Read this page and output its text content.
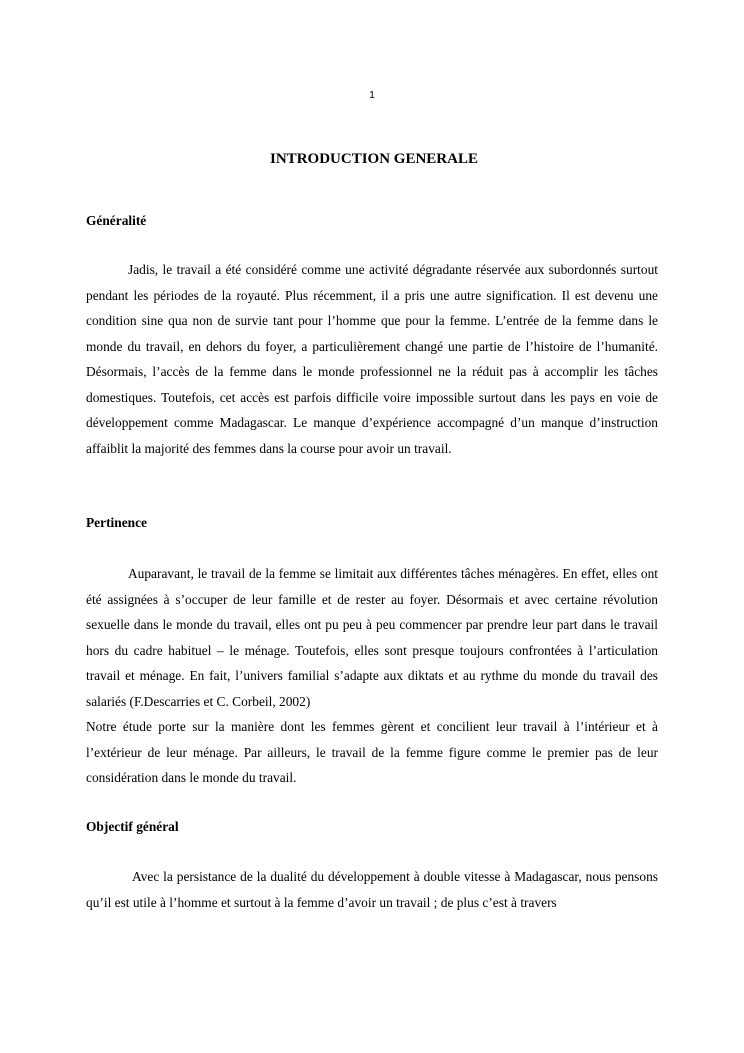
1
INTRODUCTION GENERALE
Généralité

Jadis, le travail a été considéré comme une activité dégradante réservée aux subordonnés surtout pendant les périodes de la royauté. Plus récemment, il a pris une autre signification. Il est devenu une condition sine qua non de survie tant pour l’homme que pour la femme. L’entrée de la femme dans le monde du travail, en dehors du foyer, a particulièrement changé une partie de l’histoire de l’humanité. Désormais, l’accès de la femme dans le monde professionnel ne la réduit pas à accomplir les tâches domestiques. Toutefois, cet accès est parfois difficile voire impossible surtout dans les pays en voie de développement comme Madagascar. Le manque d’expérience accompagné d’un manque d’instruction affaiblit la majorité des femmes dans la course pour avoir un travail.

Pertinence

Auparavant, le travail de la femme se limitait aux différentes tâches ménagères. En effet, elles ont été assignées à s’occuper de leur famille et de rester au foyer. Désormais et avec certaine révolution sexuelle dans le monde du travail, elles ont pu peu à peu commencer par prendre leur part dans le travail hors du cadre habituel – le ménage. Toutefois, elles sont presque toujours confrontées à l’articulation travail et ménage. En fait, l’univers familial s’adapte aux diktats et au rythme du monde du travail des salariés (F.Descarries et C. Corbeil, 2002)

Notre étude porte sur la manière dont les femmes gèrent et concilient leur travail à l’intérieur et à l’extérieur de leur ménage. Par ailleurs, le travail de la femme figure comme le premier pas de leur considération dans le monde du travail.

Objectif général

Avec la persistance de la dualité du développement à double vitesse à Madagascar, nous pensons qu’il est utile à l’homme et surtout à la femme d’avoir un travail ; de plus c’est à travers
